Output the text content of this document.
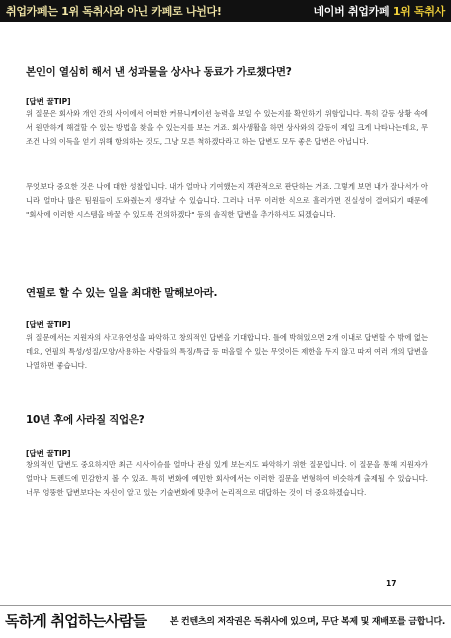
취업카페는 1위 독취사와 아닌 카페로 나뉜다!	네이버 취업카페 1위 독취사
본인이 열심히 해서 낸 성과물을 상사나 동료가 가로챘다면?
[답변 꿀TIP]

위 질문은 회사와 개인 간의 사이에서 어떠한 커뮤니케이션 능력을 보일 수 있는지를 확인하기 위함입니다. 특히 갈등 상황 속에서 원만하게 해결할 수 있는 방법을 찾을 수 있는지를 보는 거죠. 회사생활을 하면 상사와의 갈등이 제일 크게 나타나는데요, 무조건 나의 이득을 얻기 위해 항의하는 것도, 그냥 모른 척하겠다라고 하는 답변도 모두 좋은 답변은 아닙니다.

무엇보다 중요한 것은 나에 대한 성찰입니다. 내가 얼마나 기여했는지 객관적으로 판단하는 거죠. 그렇게 보면 내가 잘나서가 아니라 얼마나 많은 팀원들이 도와줬는지 생각날 수 있습니다. 그러나 너무 이러한 식으로 흘러가면 진실성이 결여되기 때문에 "회사에 이러한 시스템을 바꿀 수 있도록 건의하겠다" 등의 솔직한 답변을 추가하셔도 되겠습니다.

연필로 할 수 있는 일을 최대한 말해보아라.
[답변 꿀TIP]

위 질문에서는 지원자의 사고유연성을 파악하고 창의적인 답변을 기대합니다. 틀에 박혀있으면 2개 이내로 답변할 수 밖에 없는데요, 연필의 특성/성질/모양/사용하는 사람들의 특징/특급 등 떠올릴 수 있는 무엇이든 제한을 두지 않고 따져 여러 개의 답변을 나열하면 좋습니다.

10년 후에 사라질 직업은?
[답변 꿀TIP]

창의적인 답변도 중요하지만 최근 시사이슈를 얼마나 관심 있게 보는지도 파악하기 위한 질문입니다. 이 질문을 통해 지원자가 얼마나 트렌드에 민감한지 볼 수 있죠. 특히 변화에 예민한 회사에서는 이러한 질문을 변형하여 비슷하게 출제될 수 있습니다. 너무 엉뚱한 답변보다는 자신이 알고 있는 기술변화에 맞추어 논리적으로 대답하는 것이 더 중요하겠습니다.

17
독하게 취업하는사람들	본 컨텐츠의 저작권은 독취사에 있으며, 무단 복제 및 재배포를 금합니다.
